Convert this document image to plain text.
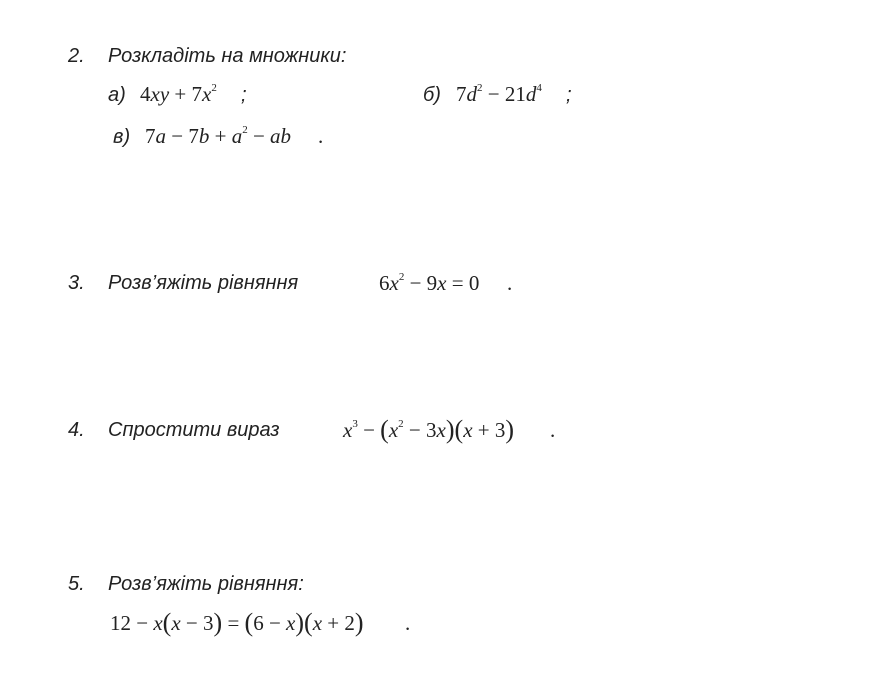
2. Розкладіть на множники:
а) $4xy + 7x^2$ ;	б) $7d^2 - 21d^4$ ;
в) $7a - 7b + a^2$ − ab .
3. Розв’яжіть рівняння	$6x^2 - 9x = 0$ .
4. Спростити вираз	$x^3 - (x^2 - 3x)(x + 3)$ .
5. Розв’яжіть рівняння:
12 − x(x − 3) = (6 − x)(x + 2) .
